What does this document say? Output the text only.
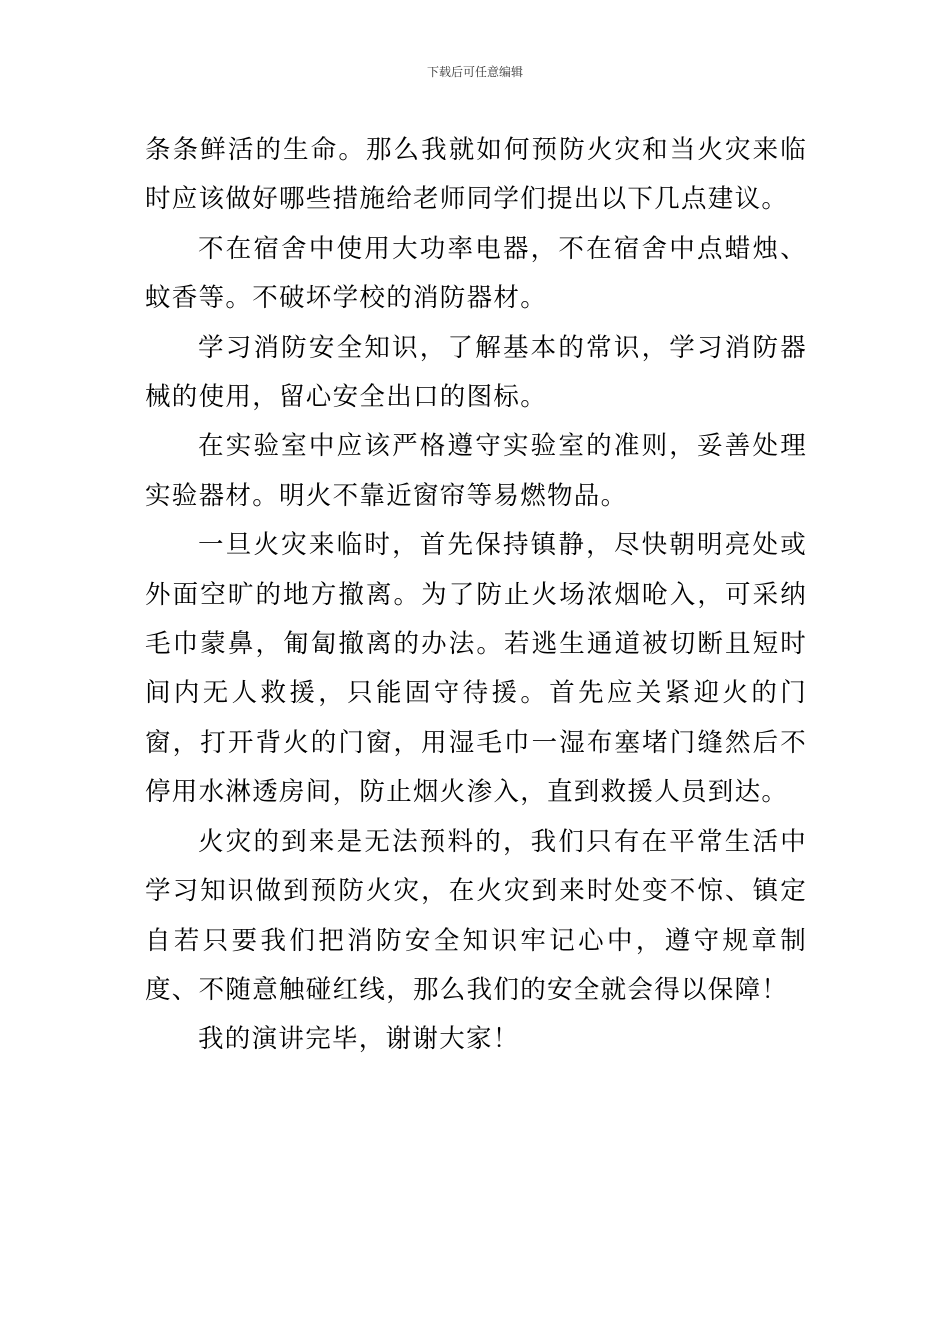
下载后可任意编辑

条条鲜活的生命。那么我就如何预防火灾和当火灾来临时应该做好哪些措施给老师同学们提出以下几点建议。

不在宿舍中使用大功率电器，不在宿舍中点蜡烛、蚊香等。不破坏学校的消防器材。

学习消防安全知识，了解基本的常识，学习消防器械的使用，留心安全出口的图标。

在实验室中应该严格遵守实验室的准则，妥善处理实验器材。明火不靠近窗帘等易燃物品。

一旦火灾来临时，首先保持镇静，尽快朝明亮处或外面空旷的地方撤离。为了防止火场浓烟呛入，可采纳毛巾蒙鼻，匍匐撤离的办法。若逃生通道被切断且短时间内无人救援，只能固守待援。首先应关紧迎火的门窗，打开背火的门窗，用湿毛巾一湿布塞堵门缝然后不停用水淋透房间，防止烟火渗入，直到救援人员到达。

火灾的到来是无法预料的，我们只有在平常生活中学习知识做到预防火灾，在火灾到来时处变不惊、镇定自若只要我们把消防安全知识牢记心中，遵守规章制度、不随意触碰红线，那么我们的安全就会得以保障！

我的演讲完毕，谢谢大家！
